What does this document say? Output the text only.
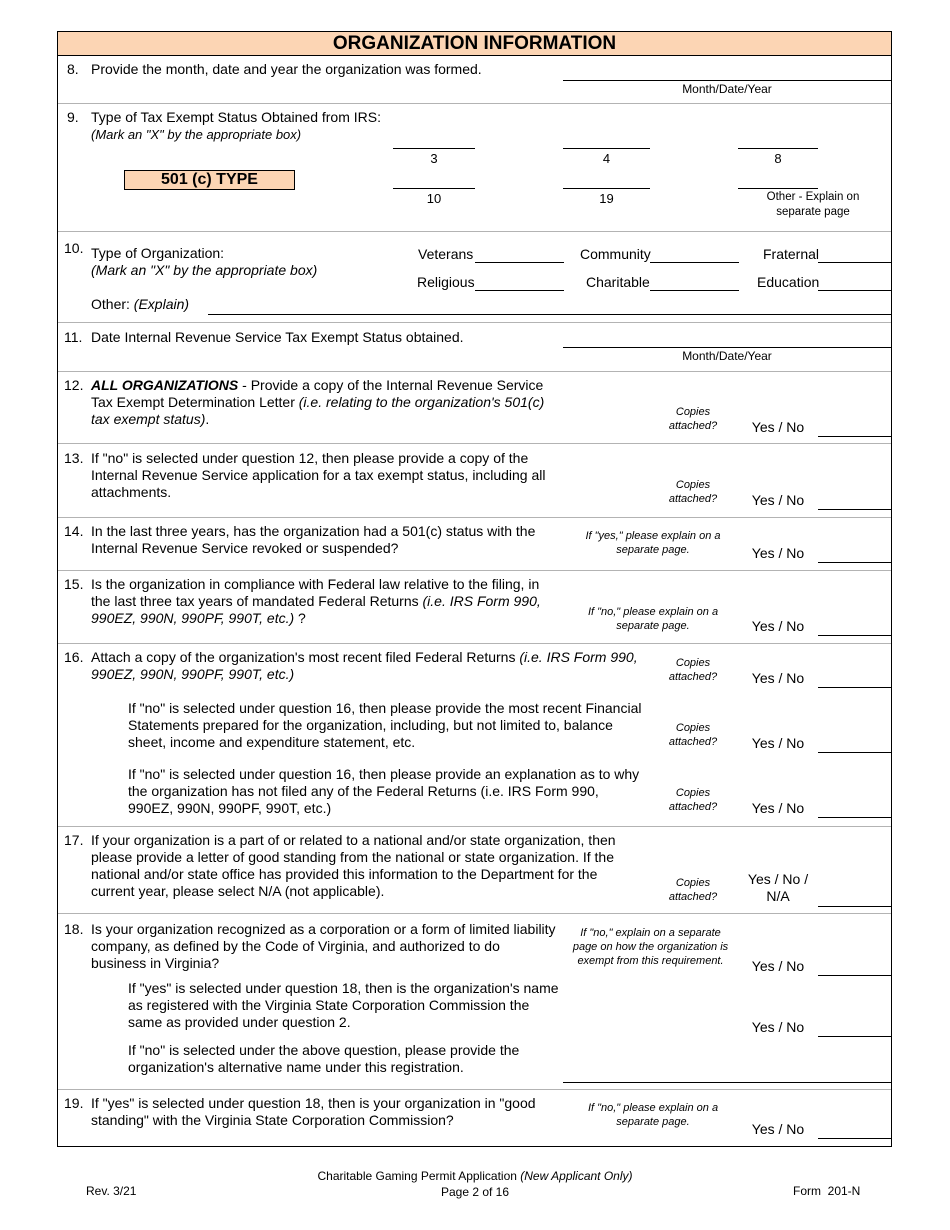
ORGANIZATION INFORMATION
8. Provide the month, date and year the organization was formed.
Month/Date/Year
9. Type of Tax Exempt Status Obtained from IRS:
(Mark an "X" by the appropriate box)
501 (c) TYPE
3	4	8
10	19	Other - Explain on separate page
10. Type of Organization:
(Mark an "X" by the appropriate box)
Veterans	Community	Fraternal
Religious	Charitable	Education
Other: (Explain)
11. Date Internal Revenue Service Tax Exempt Status obtained.
Month/Date/Year
12. ALL ORGANIZATIONS - Provide a copy of the Internal Revenue Service
Tax Exempt Determination Letter (i.e. relating to the organization's 501(c)
tax exempt status).	Copies
attached?	Yes / No
13. If "no" is selected under question 12, then please provide a copy of the
Internal Revenue Service application for a tax exempt status, including all
attachments.	Copies
attached?	Yes / No
14. In the last three years, has the organization had a 501(c) status with the
Internal Revenue Service revoked or suspended?
If "yes," please explain on a
separate page.	Yes / No
15. Is the organization in compliance with Federal law relative to the filing, in
the last three tax years of mandated Federal Returns (i.e. IRS Form 990,
990EZ, 990N, 990PF, 990T, etc.) ?	If "no," please explain on a
separate page.	Yes / No
16. Attach a copy of the organization's most recent filed Federal Returns (i.e. IRS Form 990,
990EZ, 990N, 990PF, 990T, etc.)
Copies
attached?	Yes / No
If "no" is selected under question 16, then please provide the most recent Financial
Statements prepared for the organization, including, but not limited to, balance
sheet, income and expenditure statement, etc.
Copies
attached?	Yes / No
If "no" is selected under question 16, then please provide an explanation as to why
the organization has not filed any of the Federal Returns (i.e. IRS Form 990,
990EZ, 990N, 990PF, 990T, etc.)
Copies
attached?	Yes / No
17. If your organization is a part of or related to a national and/or state organization, then
please provide a letter of good standing from the national or state organization. If the
national and/or state office has provided this information to the Department for the
current year, please select N/A (not applicable).	Copies
attached?
Yes / No /
N/A
18. Is your organization recognized as a corporation or a form of limited liability
company, as defined by the Code of Virginia, and authorized to do
business in Virginia?
If "no," explain on a separate
page on how the organization is
exempt from this requirement.	Yes / No
If "yes" is selected under question 18, then is the organization's name
as registered with the Virginia State Corporation Commission the
same as provided under question 2.	Yes / No
If "no" is selected under the above question, please provide the
organization's alternative name under this registration.
19. If "yes" is selected under question 18, then is your organization in "good
standing" with the Virginia State Corporation Commission?
If "no," please explain on a
separate page.	Yes / No
Rev. 3/21
Charitable Gaming Permit Application (New Applicant Only)
Page 2 of 16	Form  201-N
